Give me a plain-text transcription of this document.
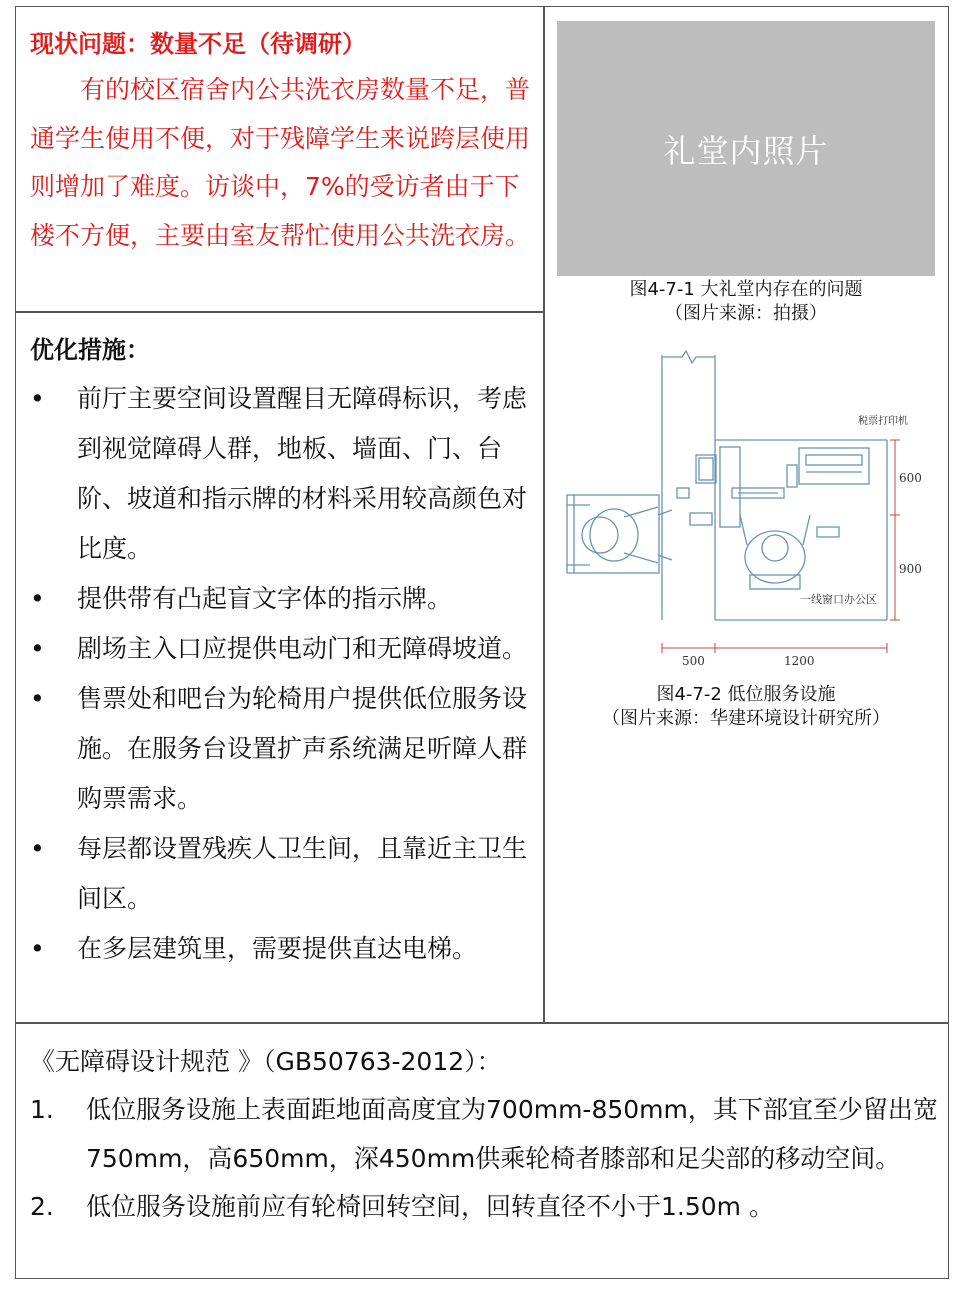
现状问题：数量不足（待调研）
有的校区宿舍内公共洗衣房数量不足，普通学生使用不便，对于残障学生来说跨层使用则增加了难度。访谈中，7%的受访者由于下楼不方便，主要由室友帮忙使用公共洗衣房。
优化措施：
• 前厅主要空间设置醒目无障碍标识，考虑到视觉障碍人群，地板、墙面、门、台阶、坡道和指示牌的材料采用较高颜色对比度。
• 提供带有凸起盲文字体的指示牌。
• 剧场主入口应提供电动门和无障碍坡道。
• 售票处和吧台为轮椅用户提供低位服务设施。在服务台设置扩声系统满足听障人群购票需求。
• 每层都设置残疾人卫生间，且靠近主卫生间区。
• 在多层建筑里，需要提供直达电梯。
礼堂内照片
图4-7-1 大礼堂内存在的问题
（图片来源：拍摄）
税票打印机
一线窗口办公区
600
900
500	1200
图4-7-2 低位服务设施
（图片来源：华建环境设计研究所）
《无障碍设计规范 》（GB50763-2012）：
1. 低位服务设施上表面距地面高度宜为700mm-850mm，其下部宜至少留出宽 750mm，高650mm，深450mm供乘轮椅者膝部和足尖部的移动空间。
2. 低位服务设施前应有轮椅回转空间，回转直径不小于1.50m 。
